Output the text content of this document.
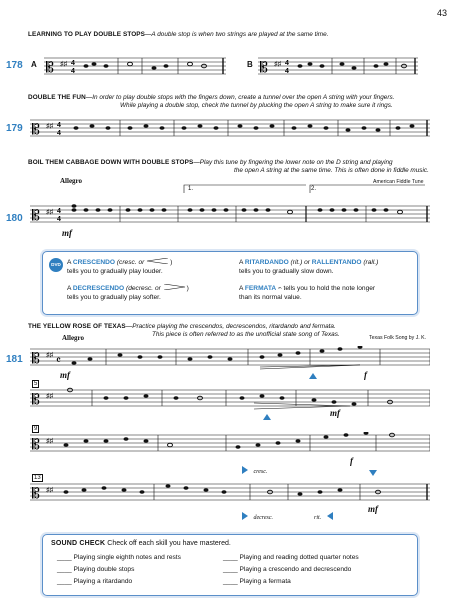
43
LEARNING TO PLAY DOUBLE STOPS—A double stop is when two strings are played at the same time.
178 A	B
𝄡 ♯♯ 4
4	𝄡 ♯♯ 4
4
DOUBLE THE FUN—In order to play double stops with the fingers down, create a tunnel over the open A string with your fingers.
While playing a double stop, check the tunnel by plucking the open A string to make sure it rings.
179 𝄡 ♯♯ 4
4
BOIL THEM CABBAGE DOWN WITH DOUBLE STOPS—Play this tune by fingering the lower note on the D string and playing
the open A string at the same time. This is often done in fiddle music.
American Fiddle Tune
Allegro
180
mf
1.	2.
𝄡 ♯♯ 4
4
DVD A CRESCENDO (cresc. or	)
tells you to gradually play louder.
A DECRESCENDO (decresc. or	)
tells you to gradually play softer.
A RITARDANDO (rit.) or RALLENTANDO (rall.)
tells you to gradually slow down.
A FERMATA 𝄐 tells you to hold the note longer
than its normal value.
THE YELLOW ROSE OF TEXAS—Practice playing the crescendos, decrescendos, ritardando and fermata.
This piece is often referred to as the unofficial state song of Texas.	Texas Folk Song by J. K.
Allegro
181 𝄡 ♯♯ 𝄴
mf	f
5
𝄡 ♯♯
mf
9
𝄡 ♯♯
cresc.
f
13
𝄡 ♯♯
decresc.	rit.
mf
SOUND CHECK Check off each skill you have mastered.
____ Playing single eighth notes and rests
____ Playing double stops
____ Playing a ritardando
____ Playing and reading dotted quarter notes
____ Playing a crescendo and decrescendo
____ Playing a fermata
